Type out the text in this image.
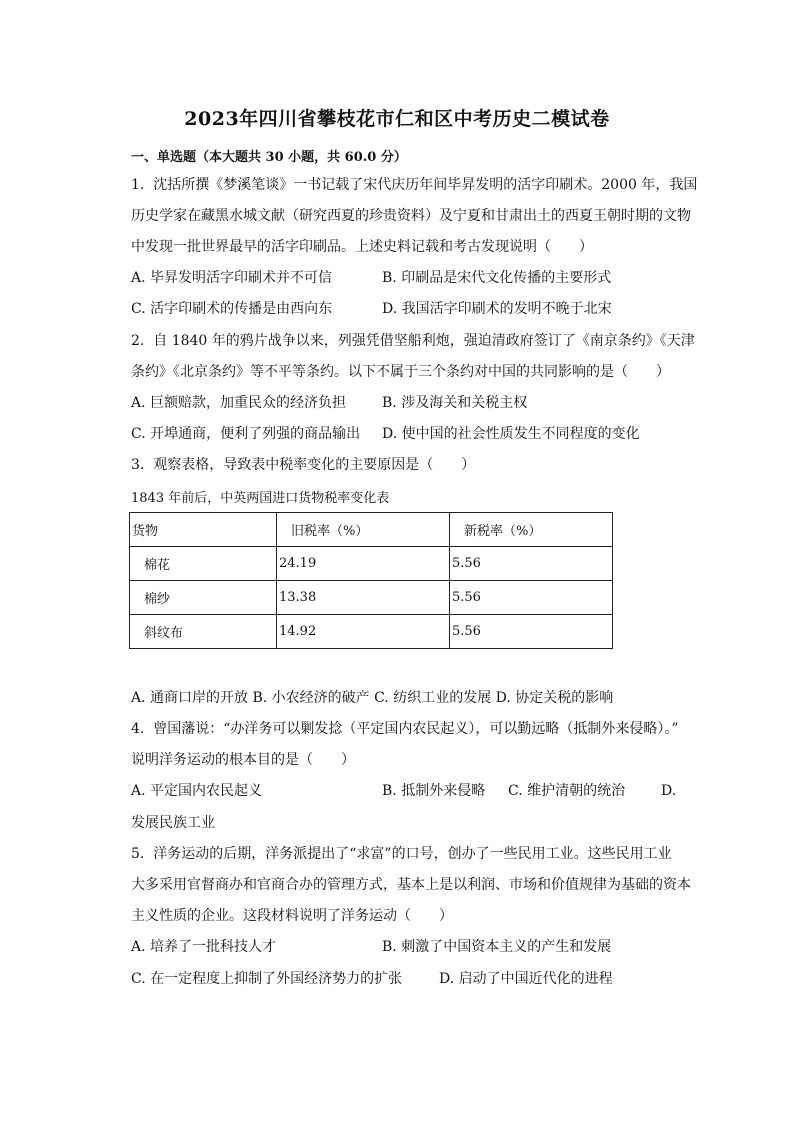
2023年四川省攀枝花市仁和区中考历史二模试卷
一、单选题（本大题共 30 小题，共 60.0 分）
1.  沈括所撰《梦溪笔谈》一书记载了宋代庆历年间毕昇发明的活字印刷术。2000 年，我国
历史学家在藏黑水城文献（研究西夏的珍贵资料）及宁夏和甘肃出土的西夏王朝时期的文物
中发现一批世界最早的活字印刷品。上述史料记载和考古发现说明（　　）
A. 毕昇发明活字印刷术并不可信	B. 印刷品是宋代文化传播的主要形式
C. 活字印刷术的传播是由西向东	D. 我国活字印刷术的发明不晚于北宋
2.  自 1840 年的鸦片战争以来，列强凭借坚船利炮，强迫清政府签订了《南京条约》《天津
条约》《北京条约》等不平等条约。以下不属于三个条约对中国的共同影响的是（　　）
A. 巨额赔款，加重民众的经济负担	B. 涉及海关和关税主权
C. 开埠通商，便利了列强的商品输出 D. 使中国的社会性质发生不同程度的变化
3.  观察表格，导致表中税率变化的主要原因是（　　）
1843 年前后，中英两国进口货物税率变化表
货物	旧税率（%）	新税率（%）
棉花	24.19	5.56
棉纱	13.38	5.56
斜纹布	14.92	5.56
A. 通商口岸的开放 B. 小农经济的破产 C. 纺织工业的发展 D. 协定关税的影响
4.  曾国藩说：“办洋务可以剿发捻（平定国内农民起义），可以勤远略（抵制外来侵略）。”
说明洋务运动的根本目的是（　　）
A. 平定国内农民起义	B. 抵制外来侵略 C. 维护清朝的统治	D.
发展民族工业
5.  洋务运动的后期，洋务派提出了“求富”的口号，创办了一些民用工业。这些民用工业
大多采用官督商办和官商合办的管理方式，基本上是以利润、市场和价值规律为基础的资本
主义性质的企业。这段材料说明了洋务运动（　　）
A. 培养了一批科技人才	B. 刺激了中国资本主义的产生和发展
C. 在一定程度上抑制了外国经济势力的扩张	D. 启动了中国近代化的进程
